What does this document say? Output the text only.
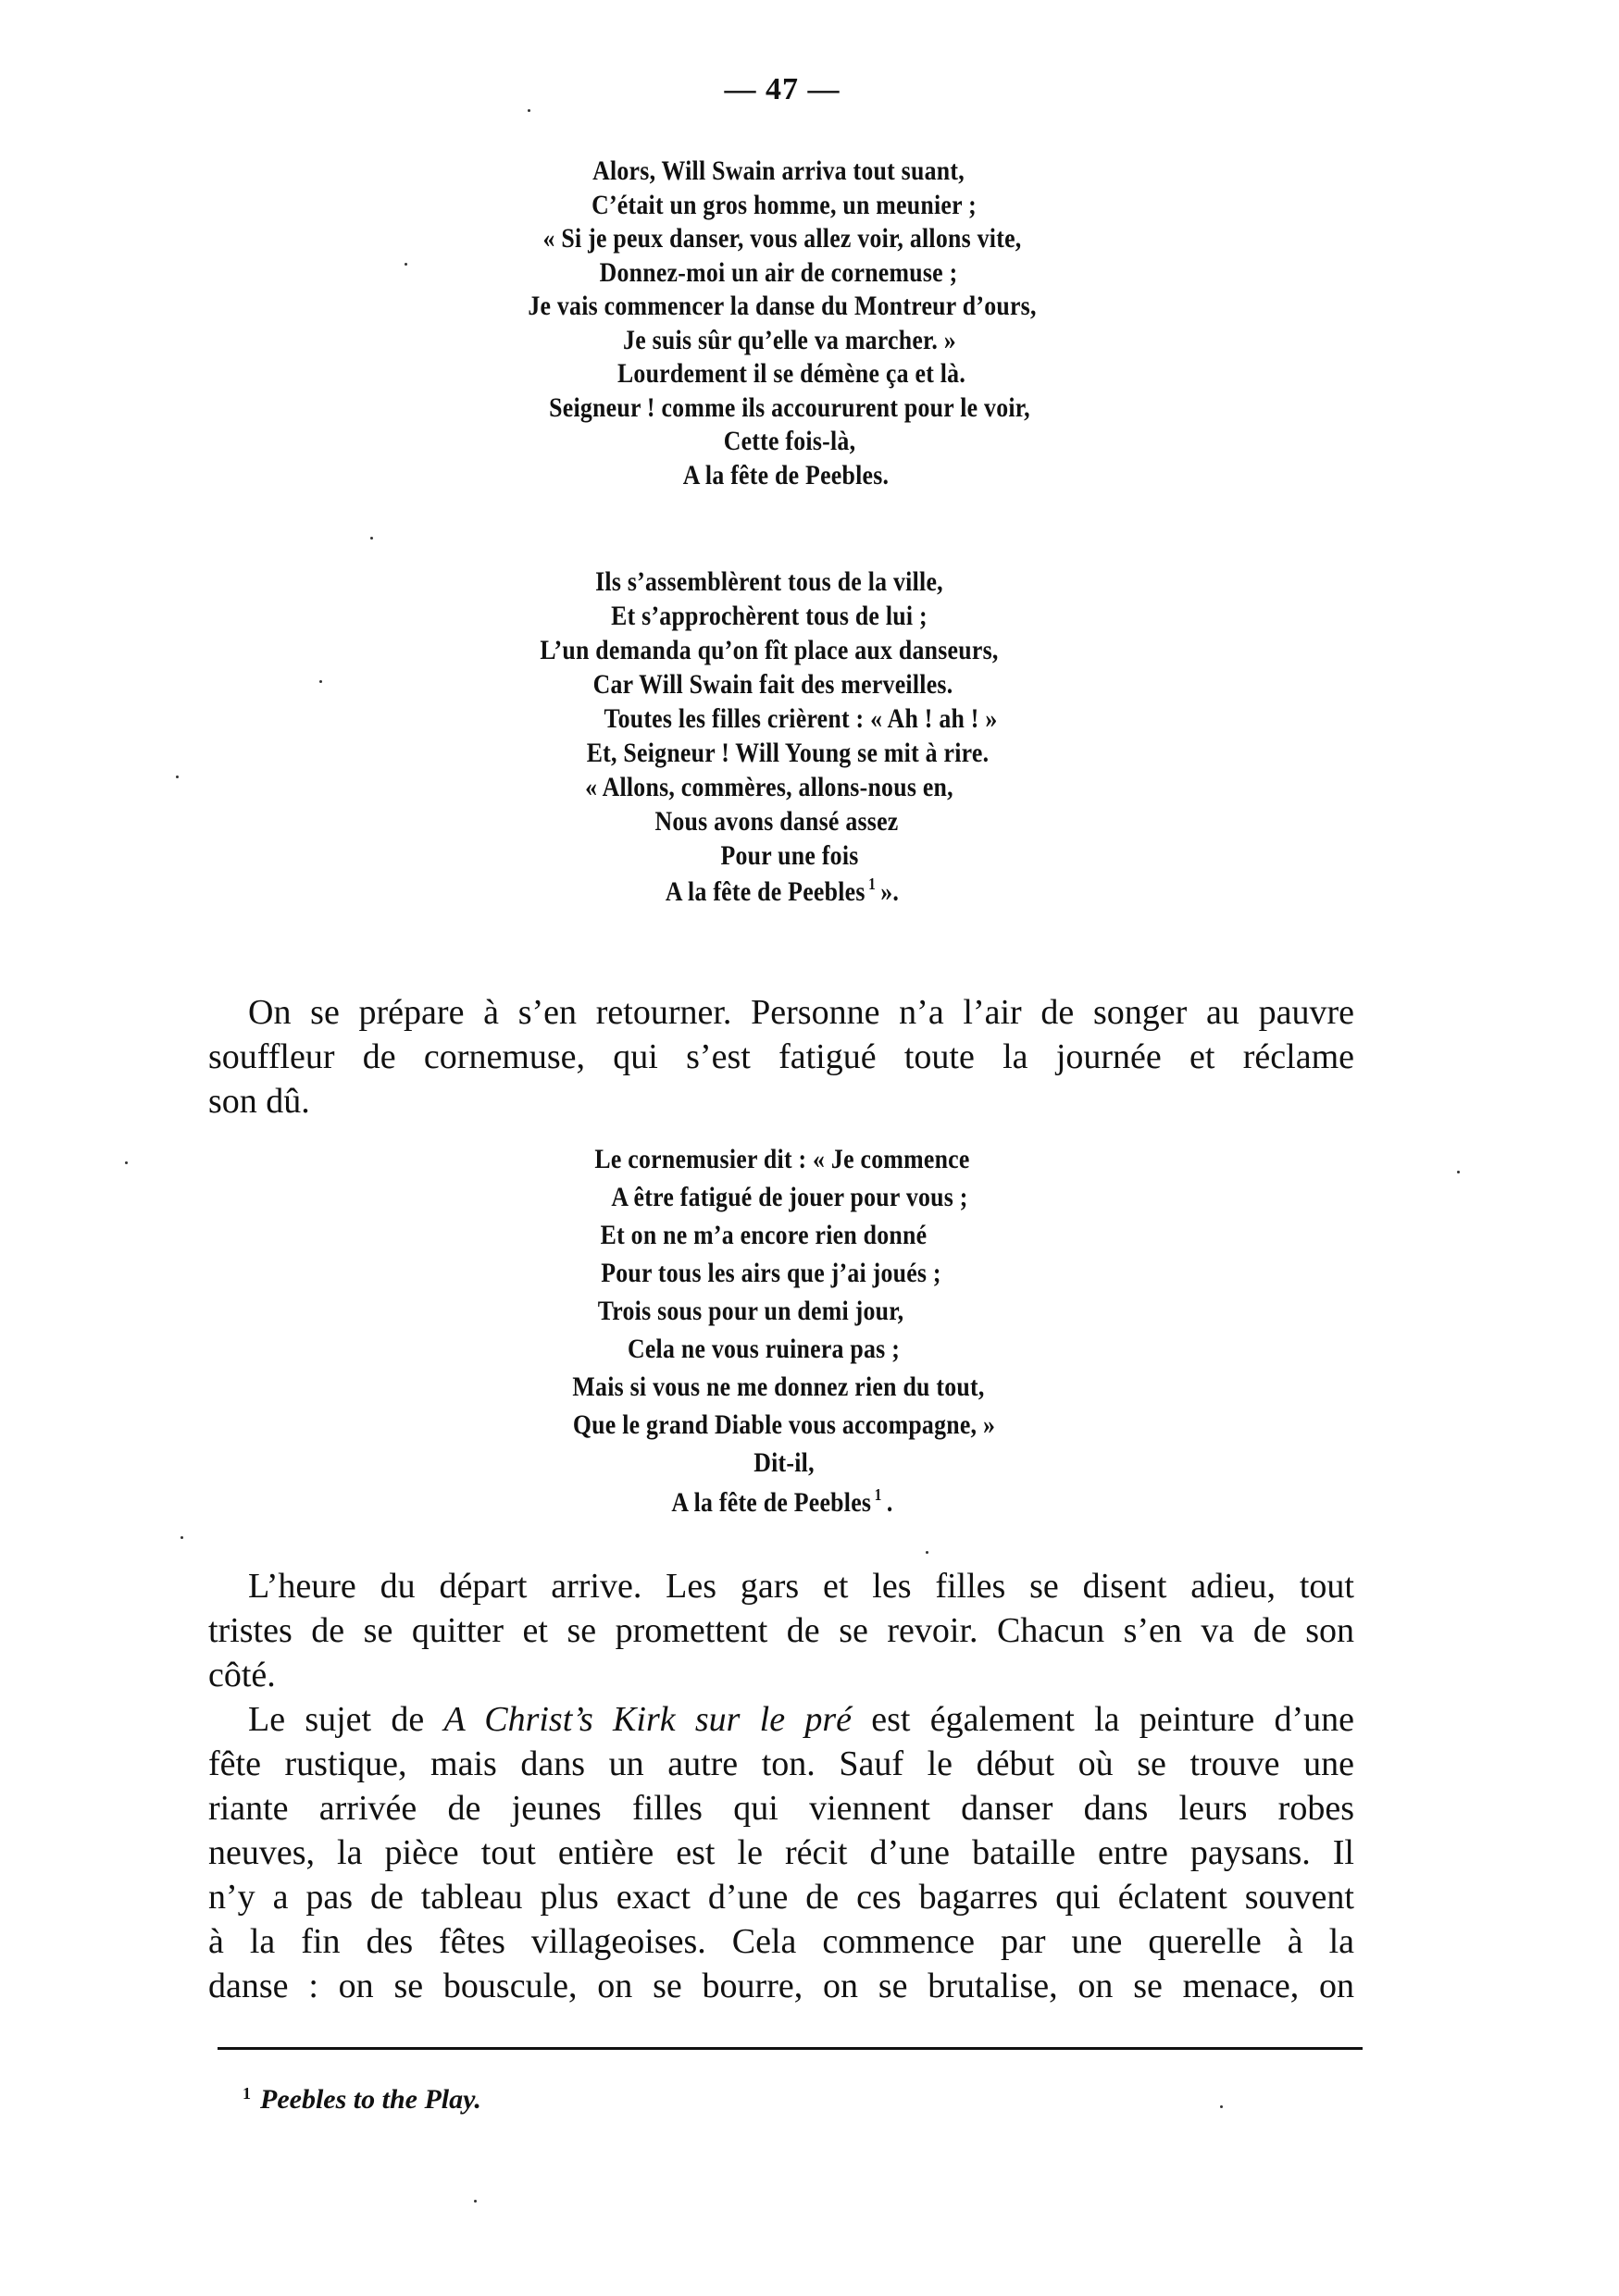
— 47 —
Alors, Will Swain arriva tout suant,
C’était un gros homme, un meunier ;
« Si je peux danser, vous allez voir, allons vite,
Donnez-moi un air de cornemuse ;
Je vais commencer la danse du Montreur d’ours,
Je suis sûr qu’elle va marcher. »
Lourdement il se démène ça et là.
Seigneur ! comme ils accoururent pour le voir,
Cette fois-là,
A la fête de Peebles.
Ils s’assemblèrent tous de la ville,
Et s’approchèrent tous de lui ;
L’un demanda qu’on fît place aux danseurs,
Car Will Swain fait des merveilles.
Toutes les filles crièrent : « Ah ! ah ! »
Et, Seigneur ! Will Young se mit à rire.
« Allons, commères, allons-nous en,
Nous avons dansé assez
Pour une fois
A la fête de Peebles $^1$ ».
On se prépare à s’en retourner. Personne n’a l’air de songer au pauvre
souffleur de cornemuse, qui s’est fatigué toute la journée et réclame
son dû.
Le cornemusier dit : « Je commence
A être fatigué de jouer pour vous ;
Et on ne m’a encore rien donné
Pour tous les airs que j’ai joués ;
Trois sous pour un demi jour,
Cela ne vous ruinera pas ;
Mais si vous ne me donnez rien du tout,
Que le grand Diable vous accompagne, »
Dit-il,
A la fête de Peebles $^1$ .
L’heure du départ arrive. Les gars et les filles se disent adieu, tout
tristes de se quitter et se promettent de se revoir. Chacun s’en va de son
côté.
Le sujet de A Christ’s Kirk sur le pré est également la peinture d’une
fête rustique, mais dans un autre ton. Sauf le début où se trouve une
riante arrivée de jeunes filles qui viennent danser dans leurs robes
neuves, la pièce tout entière est le récit d’une bataille entre paysans. Il
n’y a pas de tableau plus exact d’une de ces bagarres qui éclatent souvent
à la fin des fêtes villageoises. Cela commence par une querelle à la
danse : on se bouscule, on se bourre, on se brutalise, on se menace, on
$^1$ Peebles to the Play.
